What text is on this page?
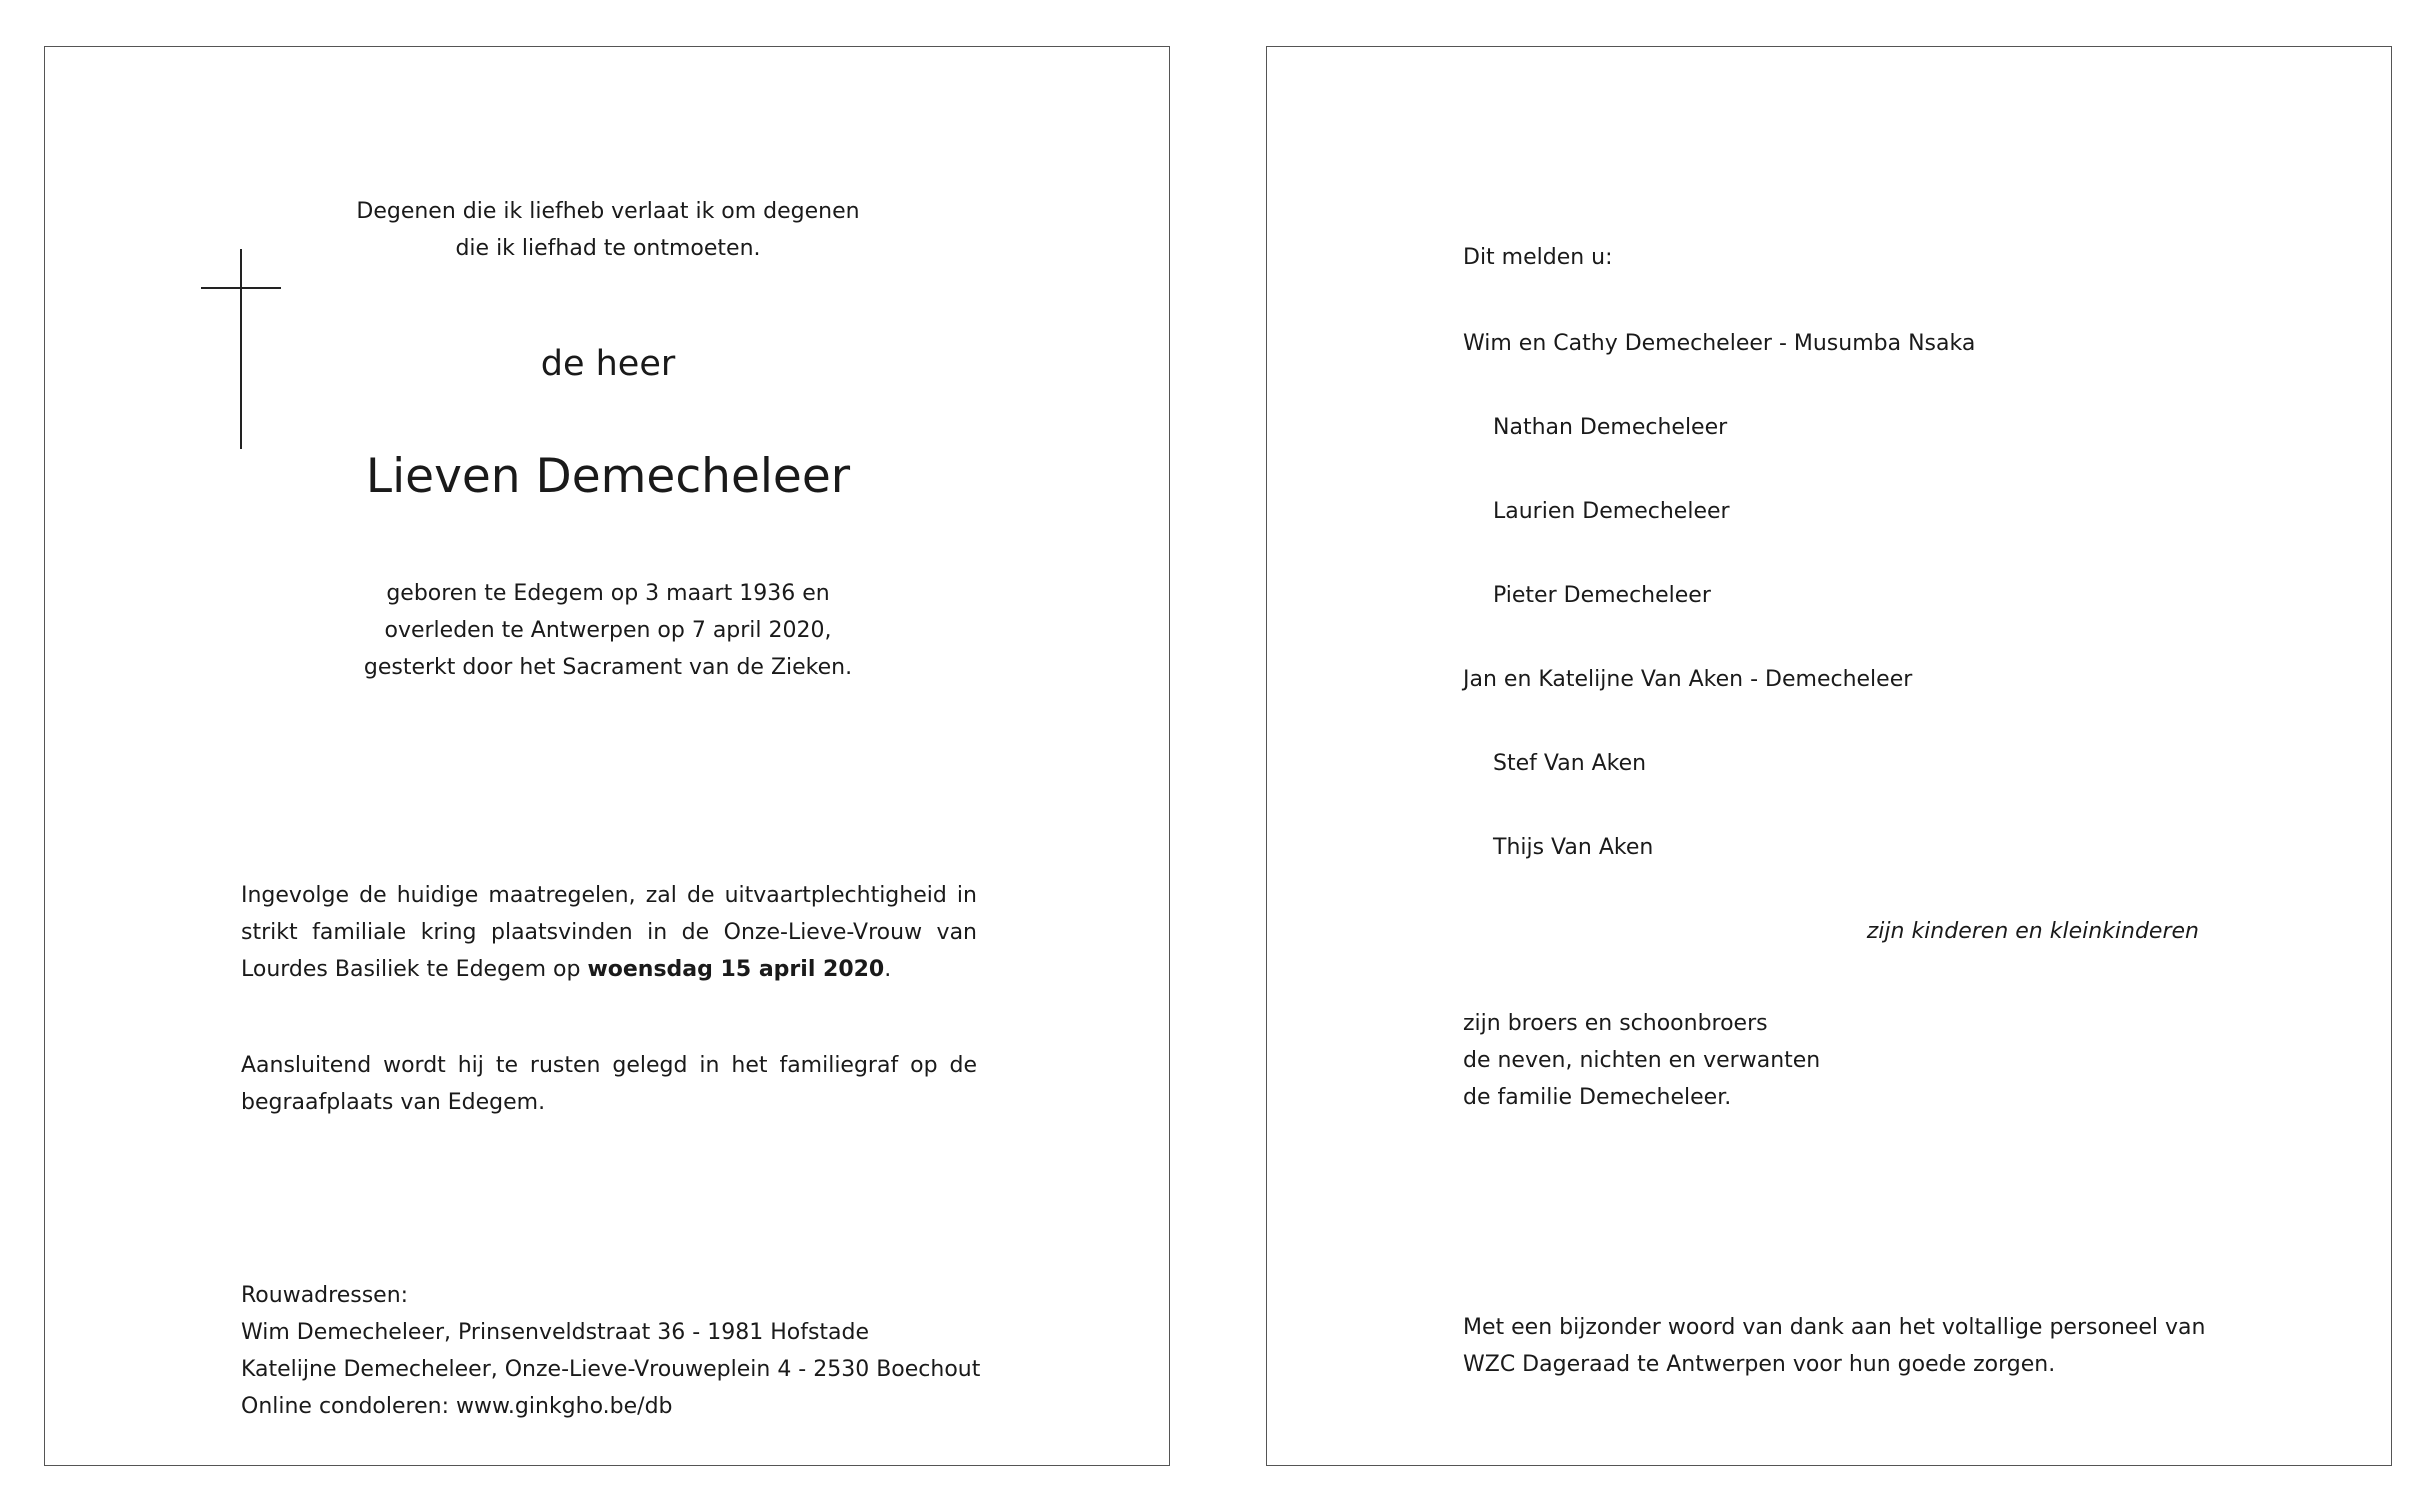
Degenen die ik liefheb verlaat ik om degenen
die ik liefhad te ontmoeten.
de heer
Lieven Demecheleer
geboren te Edegem op 3 maart 1936 en
overleden te Antwerpen op 7 april 2020,
gesterkt door het Sacrament van de Zieken.
Ingevolge de huidige maatregelen, zal de uitvaartplechtigheid in strikt familiale kring plaatsvinden in de Onze-Lieve-Vrouw van Lourdes Basiliek te Edegem op woensdag 15 april 2020.
Aansluitend wordt hij te rusten gelegd in het familiegraf op de begraafplaats van Edegem.
Rouwadressen:
Wim Demecheleer, Prinsenveldstraat 36 - 1981 Hofstade
Katelijne Demecheleer, Onze-Lieve-Vrouweplein 4 - 2530 Boechout
Online condoleren: www.ginkgho.be/db
Dit melden u:
Wim en Cathy Demecheleer - Musumba Nsaka
Nathan Demecheleer
Laurien Demecheleer
Pieter Demecheleer
Jan en Katelijne Van Aken - Demecheleer
Stef Van Aken
Thijs Van Aken
zijn kinderen en kleinkinderen
zijn broers en schoonbroers
de neven, nichten en verwanten
de familie Demecheleer.
Met een bijzonder woord van dank aan het voltallige personeel van
WZC Dageraad te Antwerpen voor hun goede zorgen.
